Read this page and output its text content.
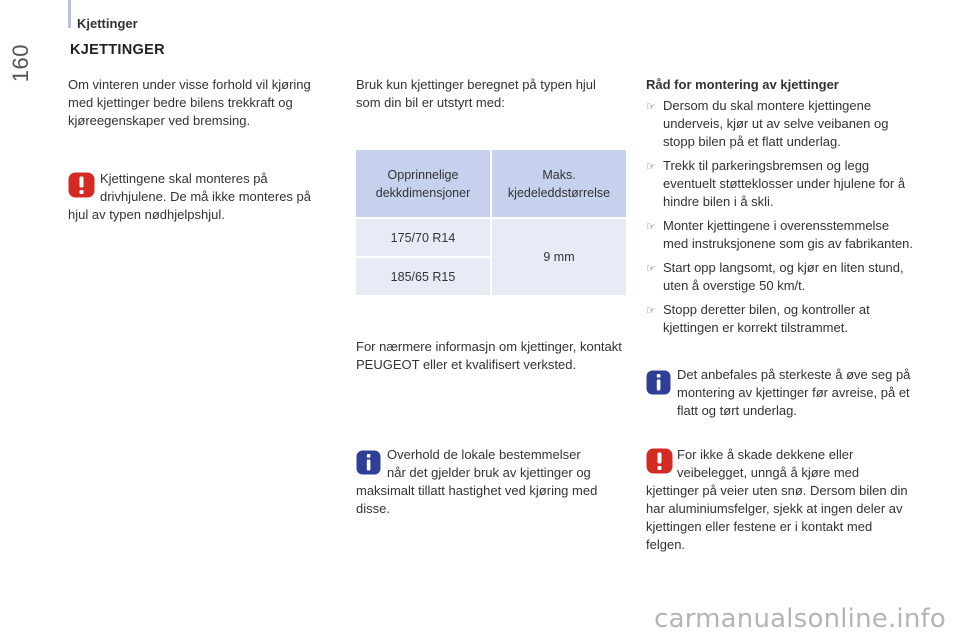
160
Kjettinger
KJETTINGER
Om vinteren under visse forhold vil kjøring med kjettinger bedre bilens trekkraft og kjøreegenskaper ved bremsing.
Kjettingene skal monteres på
drivhjulene. De må ikke monteres på
hjul av typen nødhjelpshjul.
Bruk kun kjettinger beregnet på typen hjul som din bil er utstyrt med:
Opprinnelige dekkdimensjoner	Maks. kjedeleddstørrelse
175/70 R14	9 mm
185/65 R15	
For nærmere informasjn om kjettinger, kontakt PEUGEOT eller et kvalifisert verksted.
Overhold de lokale bestemmelser
når det gjelder bruk av kjettinger og
maksimalt tillatt hastighet ved kjøring med disse.
Råd for montering av kjettinger
☞ Dersom du skal montere kjettingene underveis, kjør ut av selve veibanen og stopp bilen på et flatt underlag.
☞ Trekk til parkeringsbremsen og legg eventuelt støtteklosser under hjulene for å hindre bilen i å skli.
☞ Monter kjettingene i overensstemmelse med instruksjonene som gis av fabrikanten.
☞ Start opp langsomt, og kjør en liten stund, uten å overstige 50 km/t.
☞ Stopp deretter bilen, og kontroller at kjettingen er korrekt tilstrammet.
Det anbefales på sterkeste å øve seg på montering av kjettinger før avreise, på et flatt og tørt underlag.
For ikke å skade dekkene eller
veibelegget, unngå å kjøre med
kjettinger på veier uten snø. Dersom bilen din har aluminiumsfelger, sjekk at ingen deler av kjettingen eller festene er i kontakt med felgen.
carmanualsonline.info
